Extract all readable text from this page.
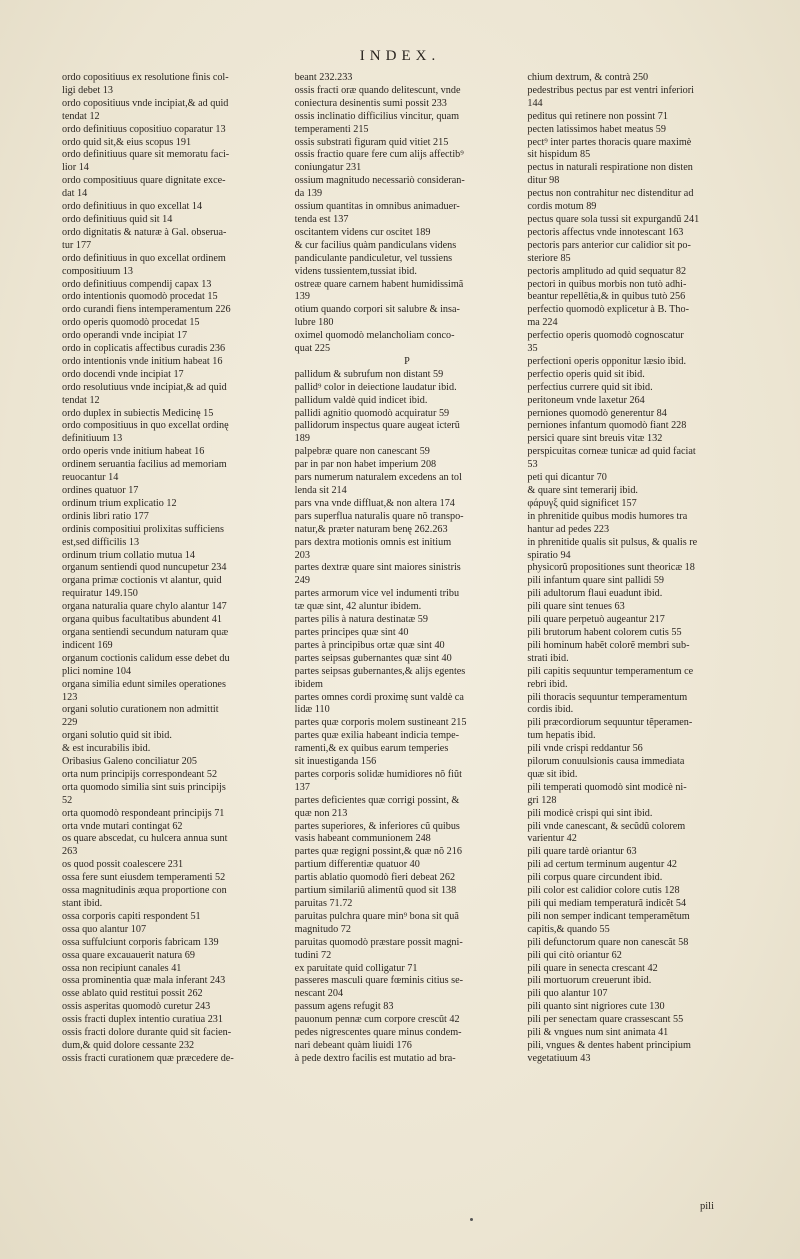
INDEX.
ordo copositiuus ex resolutione finis col-
ligi debet 13
ordo copositiuus vnde incipiat,& ad quid
tendat 12
ordo definitiuus copositiuo coparatur 13
ordo quid sit,& eius scopus 191
ordo definitiuus quare sit memoratu faci-
lior 14
ordo compositiuus quare dignitate exce-
dat 14
ordo definitiuus in quo excellat 14
ordo definitiuus quid sit 14
ordo dignitatis & naturæ à Gal. obseruа-
tur 177
ordo definitiuus in quo excellat ordinem
compositiuum 13
ordo definitiuus compendij capax 13
ordo intentionis quomodò procedat 15
ordo curandi fiens intemperamentum 226
ordo operis quomodò procedat 15
ordo operandi vnde incipiat 17
ordo in coplicatis affectibus curadis 236
ordo intentionis vnde initium habeat 16
ordo docendi vnde incipiat 17
ordo resolutiuus vnde incipiat,& ad quid
tendat 12
ordo duplex in subiectis Medicinę 15
ordo compositiuus in quo excellat ordinę
definitiuum 13
ordo operis vnde initium habeat 16
ordinem seruantia facilius ad memoriam
reuocantur 14
ordines quatuor 17
ordinum trium explicatio 12
ordinis libri ratio 177
ordinis compositiui prolixitas sufficiens
est,sed difficilis 13
ordinum trium collatio mutua 14
organum sentiendi quod nuncupetur 234
organa primæ coctionis vt alantur, quid
requiratur 149.150
organa naturalia quare chylo alantur 147
organa quibus facultatibus abundent 41
organa sentiendi secundum naturam quæ
indicent 169
organum coctionis calidum esse debet du
plici nomine 104
organa similia edunt similes operationes
123
organi solutio curationem non admittit
229
organi solutio quid sit ibid.
& est incurabilis ibid.
Oribasius Galeno conciliatur 205
orta num principijs correspondeant 52
orta quomodo similia sint suis principijs
52
orta quomodò respondeant principijs 71
orta vnde mutari contingat 62
os quare abscedat, cu hulcera annua sunt
263
os quod possit coalescere 231
ossa fere sunt eiusdem temperamenti 52
ossa magnitudinis æqua proportione con
stant ibid.
ossa corporis capiti respondent 51
ossa quo alantur 107
ossa suffulciunt corporis fabricam 139
ossa quare excauauerit natura 69
ossa non recipiunt canales 41
ossa prominentia quæ mala inferant 243
osse ablato quid restitui possit 262
ossis asperitas quomodò curetur 243
ossis fracti duplex intentio curatiua 231
ossis fracti dolore durante quid sit facien-
dum,& quid dolore cessante 232
ossis fracti curationem quæ præcedere de-
beant 232.233
ossis fracti oræ quando delitescunt, vnde
coniectura desinentis sumi possit 233
ossis inclinatio difficilius vincitur, quam
temperamenti 215
ossis substrati figuram quid vitiet 215
ossis fractio quare fere cum alijs affectib⁹
coniungatur 231
ossium magnitudo necessariò consideran-
da 139
ossium quantitas in omnibus animaduer-
tenda est 137
oscitantem videns cur oscitet 189
& cur facilius quàm pandiculans videns
pandiculante pandiculetur, vel tussiens
videns tussientem,tussiat ibid.
ostreæ quare carnem habent humidissimã
139
otium quando corpori sit salubre & insa-
lubre 180
oximel quomodò melancholiam conco-
quat 225
P
pallidum & subrufum non distant 59
pallid⁹ color in deiectione laudatur ibid.
pallidum valdè quid indicet ibid.
pallidi agnitio quomodò acquiratur 59
pallidorum inspectus quare augeat icterũ
189
palpebræ quare non canescant 59
par in par non habet imperium 208
pars numerum naturalem excedens an tol
lenda sit 214
pars vna vnde diffluat,& non altera 174
pars superflua naturalis quare nõ transpo-
natur,& præter naturam benę 262.263
pars dextra motionis omnis est initium
203
partes dextræ quare sint maiores sinistris
249
partes armorum vice vel indumenti tribu
tæ quæ sint, 42 aluntur ibidem.
partes pilis à natura destinatæ 59
partes principes quæ sint 40
partes à principibus ortæ quæ sint 40
partes seipsas gubernantes quæ sint 40
partes seipsas gubernantes,& alijs egentes
ibidem
partes omnes cordi proximę sunt valdè ca
lidæ 110
partes quæ corporis molem sustineant 215
partes quæ exilia habeant indicia tempe-
ramenti,& ex quibus earum temperies
sit inuestiganda 156
partes corporis solidæ humidiores nõ fiũt
137
partes deficientes quæ corrigi possint, &
quæ non 213
partes superiores, & inferiores cũ quibus
vasis habeant communionem 248
partes quæ regigni possint,& quæ nõ 216
partium differentiæ quatuor 40
partis ablatio quomodò fieri debeat 262
partium similariũ alimentũ quod sit 138
paruitas 71.72
paruitas pulchra quare min⁹ bona sit quã
magnitudo 72
paruitas quomodò præstare possit magni-
tudini 72
ex paruitate quid colligatur 71
passeres masculi quare fœminis citius se-
nescant 204
passum agens refugit 83
pauonum pennæ cum corpore crescũt 42
pedes nigrescentes quare minus condem-
nari debeant quàm liuidi 176
à pede dextro facilis est mutatio ad bra-
chium dextrum, & contrà 250
pedestribus pectus par est ventri inferiori
144
peditus qui retinere non possint 71
pecten latissimos habet meatus 59
pect⁹ inter partes thoracis quare maximè
sit hispidum 85
pectus in naturali respiratione non disten
ditur 98
pectus non contrahitur nec distenditur ad
cordis motum 89
pectus quare sola tussi sit expurgandũ 241
pectoris affectus vnde innotescant 163
pectoris pars anterior cur calidior sit po-
steriore 85
pectoris amplitudo ad quid sequatur 82
pectori in quibus morbis non tutò adhi-
beantur repellẽtia,& in quibus tutò 256
perfectio quomodò explicetur à B. Tho-
ma 224
perfectio operis quomodò cognoscatur
35
perfectioni operis opponitur læsio ibid.
perfectio operis quid sit ibid.
perfectius currere quid sit ibid.
peritoneum vnde laxetur 264
perniones quomodò generentur 84
perniones infantum quomodò fiant 228
persici quare sint breuis vitæ 132
perspicuitas corneæ tunicæ ad quid faciat
53
peti qui dicantur 70
& quare sint temerarij ibid.
φάρυγξ quid significet 157
in phrenitide quibus modis humores tra
hantur ad pedes 223
in phrenitide qualis sit pulsus, & qualis re
spiratio 94
physicorũ propositiones sunt theoricæ 18
pili infantum quare sint pallidi 59
pili adultorum flaui euadunt ibid.
pili quare sint tenues 63
pili quare perpetuò augeantur 217
pili brutorum habent colorem cutis 55
pili hominum habẽt colorẽ membri sub-
strati ibid.
pili capitis sequuntur temperamentum ce
rebri ibid.
pili thoracis sequuntur temperamentum
cordis ibid.
pili præcordiorum sequuntur tẽperamen-
tum hepatis ibid.
pili vnde crispi reddantur 56
pilorum conuulsionis causa immediata
quæ sit ibid.
pili temperati quomodò sint modicè ni-
gri 128
pili modicè crispi qui sint ibid.
pili vnde canescant, & secũdũ colorem
varientur 42
pili quare tardè oriantur 63
pili ad certum terminum augentur 42
pili corpus quare circundent ibid.
pili color est calidior colore cutis 128
pili qui mediam temperaturã indicẽt 54
pili non semper indicant temperamẽtum
capitis,& quando 55
pili defunctorum quare non canescãt 58
pili qui citò oriantur 62
pili quare in senecta crescant 42
pili mortuorum creuerunt ibid.
pili quo alantur 107
pili quanto sint nigriores cute 130
pili per senectam quare crassescant 55
pili & vngues num sint animata 41
pili, vngues & dentes habent principium
vegetatiuum 43
pili
